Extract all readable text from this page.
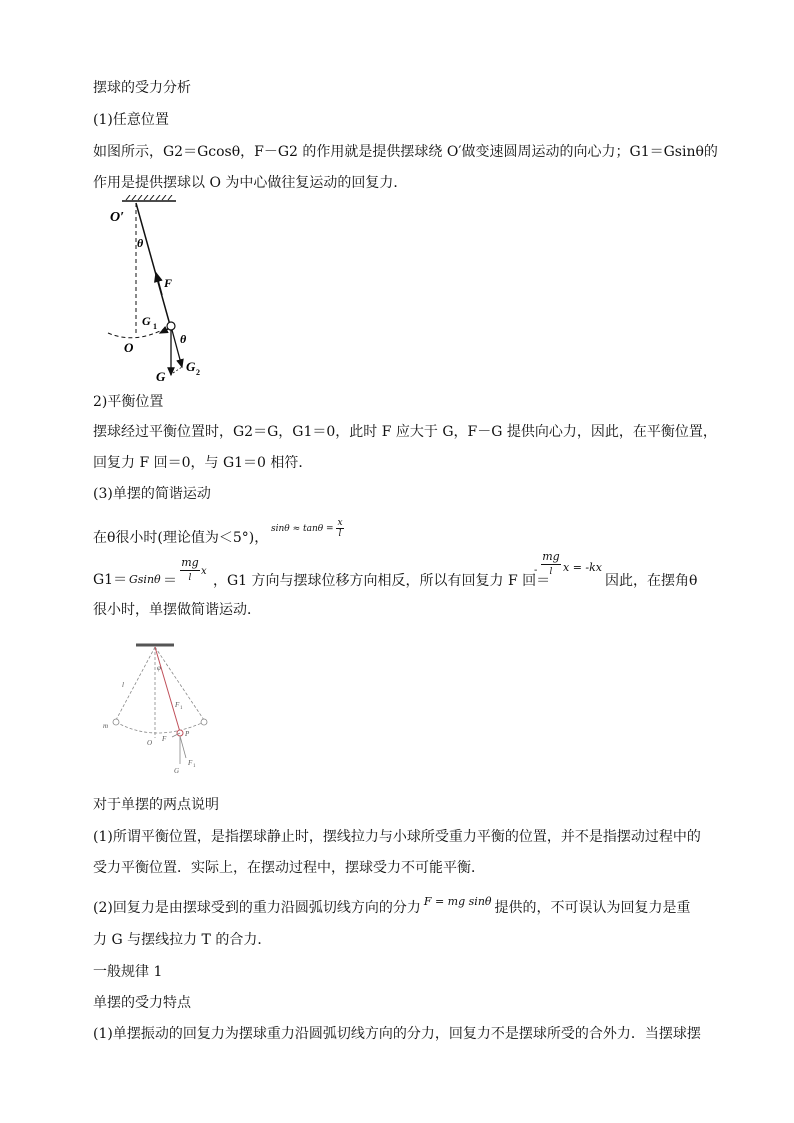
摆球的受力分析
(1)任意位置
如图所示，G2＝Gcosθ，F－G2 的作用就是提供摆球绕 O′做变速圆周运动的向心力；G1＝Gsinθ的
作用是提供摆球以 O 为中心做往复运动的回复力．
O′
θ
F
G 1
O
θ
G
G 2
2)平衡位置
摆球经过平衡位置时，G2＝G，G1＝0，此时 F 应大于 G，F－G 提供向心力，因此，在平衡位置，
回复力 F 回＝0，与 G1＝0 相符．
(3)单摆的简谐运动
在θ很小时(理论值为＜5°)，
$\sin\theta \approx \tan\theta = \frac{x}{l}$
G1＝ Gsinθ ＝
mg
l
x
，G1 方向与摆球位移方向相反，所以有回复力 F 回＝
-
mg
l x = -kx
因此，在摆角θ
很小时，单摆做简谐运动．
l
φ
F 1
m
O F
P
G
F 1
对于单摆的两点说明
(1)所谓平衡位置，是指摆球静止时，摆线拉力与小球所受重力平衡的位置，并不是指摆动过程中的
受力平衡位置．实际上，在摆动过程中，摆球受力不可能平衡．
(2)回复力是由摆球受到的重力沿圆弧切线方向的分力 $^{F = mg sin\theta}$ 提供的，不可误认为回复力是重
力 G 与摆线拉力 T 的合力．
一般规律 1
单摆的受力特点
(1)单摆振动的回复力为摆球重力沿圆弧切线方向的分力，回复力不是摆球所受的合外力．当摆球摆
